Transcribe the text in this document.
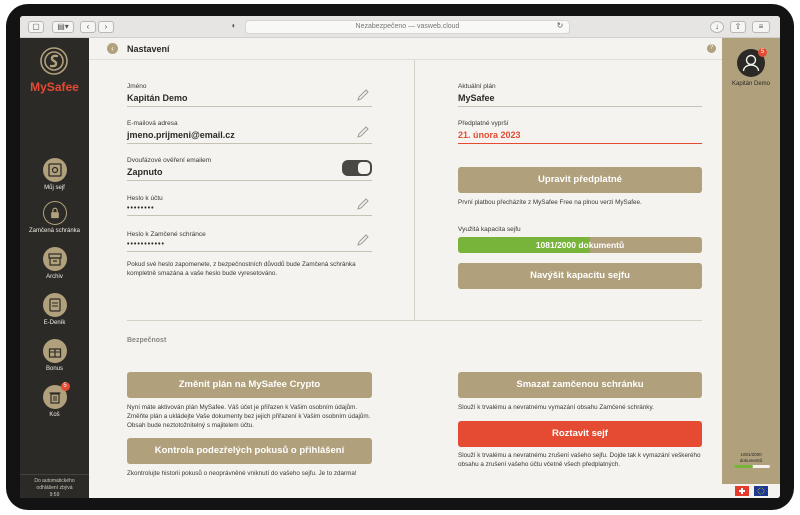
▢	▤▾	‹	›	◐	Nezabezpečeno — vasweb.cloud	↻	↓	⇧	≡
MySafee
Můj sejf
Zamčená schránka
Archiv
E-Deník
Bonus
5
Koš
Do automatického
odhlášení zbývá
9:59
‹	Nastavení	?
Jméno
Kapitán Demo
E-mailová adresa
jmeno.prijmeni@email.cz
Dvoufázové ověření emailem
Zapnuto
Heslo k účtu
••••••••
Heslo k Zamčené schránce
•••••••••••
Pokud své heslo zapomenete, z bezpečnostních důvodů bude Zamčená schránka kompletně smazána a vaše heslo bude vyresetováno.
Aktuální plán
MySafee
Předplatné vyprší
21. února 2023
Upravit předplatné
První platbou přecházíte z MySafee Free na plnou verzi MySafee.
Využitá kapacita sejfu
1081/2000 dokumentů
Navýšit kapacitu sejfu
Bezpečnost
Změnit plán na MySafee Crypto
Nyní máte aktivován plán MySafee. Váš účet je přiřazen k Vašim osobním údajům. Změňte plán a ukládejte Vaše dokumenty bez jejich přiřazení k Vašim osobním údajům. Obsah bude neztotožnitelný s majitelem účtu.
Kontrola podezřelých pokusů o přihlášení
Zkontrolujte historii pokusů o neoprávněné vniknutí do vašeho sejfu. Je to zdarma!
Smazat zamčenou schránku
Slouží k trvalému a nevratnému vymazání obsahu Zamčené schránky.
Roztavit sejf
Slouží k trvalému a nevratnému zrušení vašeho sejfu. Dojde tak k vymazání veškerého obsahu a zrušení vašeho účtu včetně všech předplatných.
5
Kapitán Demo
1081/2000
dokumentů
